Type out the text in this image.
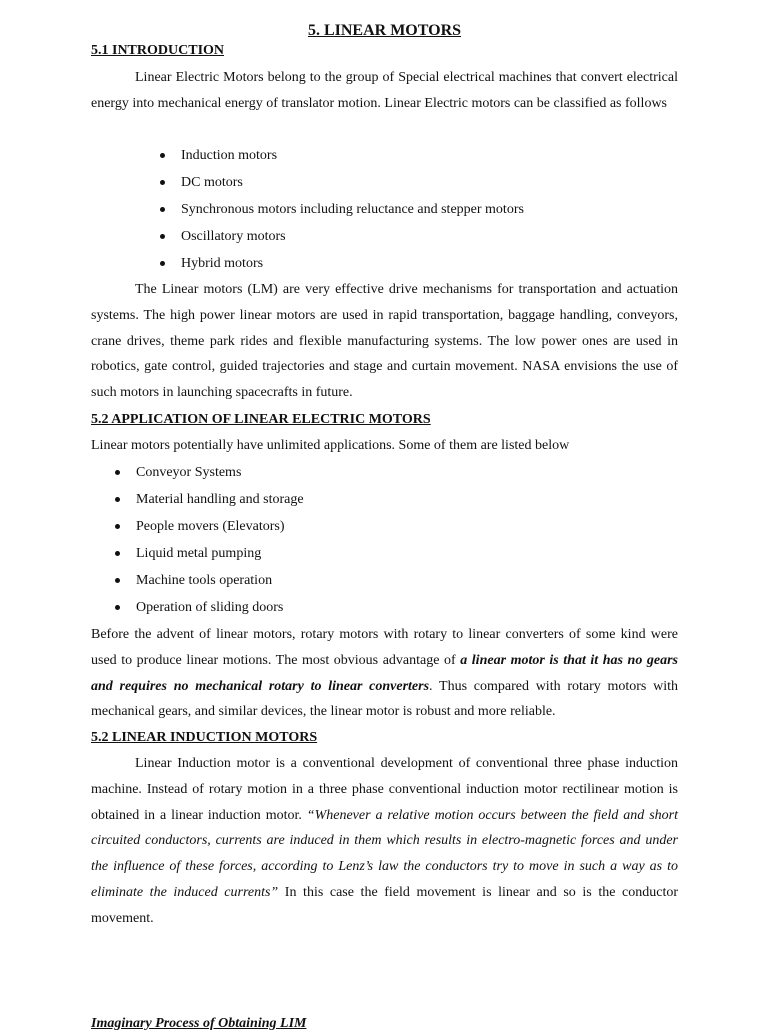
5. LINEAR MOTORS
5.1 INTRODUCTION

Linear Electric Motors belong to the group of Special electrical machines that convert electrical energy into mechanical energy of translator motion. Linear Electric motors can be classified as follows

Induction motors
DC motors
Synchronous motors including reluctance and stepper motors
Oscillatory motors
Hybrid motors

The Linear motors (LM) are very effective drive mechanisms for transportation and actuation systems. The high power linear motors are used in rapid transportation, baggage handling, conveyors, crane drives, theme park rides and flexible manufacturing systems. The low power ones are used in robotics, gate control, guided trajectories and stage and curtain movement. NASA envisions the use of such motors in launching spacecrafts in future.

5.2 APPLICATION OF LINEAR ELECTRIC MOTORS

Linear motors potentially have unlimited applications. Some of them are listed below

Conveyor Systems
Material handling and storage
People movers (Elevators)
Liquid metal pumping
Machine tools operation
Operation of sliding doors

Before the advent of linear motors, rotary motors with rotary to linear converters of some kind were used to produce linear motions. The most obvious advantage of a linear motor is that it has no gears and requires no mechanical rotary to linear converters. Thus compared with rotary motors with mechanical gears, and similar devices, the linear motor is robust and more reliable.

5.2 LINEAR INDUCTION MOTORS

Linear Induction motor is a conventional development of conventional three phase induction machine. Instead of rotary motion in a three phase conventional induction motor rectilinear motion is obtained in a linear induction motor. “Whenever a relative motion occurs between the field and short circuited conductors, currents are induced in them which results in electro-magnetic forces and under the influence of these forces, according to Lenz’s law the conductors try to move in such a way as to eliminate the induced currents” In this case the field movement is linear and so is the conductor movement.

Imaginary Process of Obtaining LIM
